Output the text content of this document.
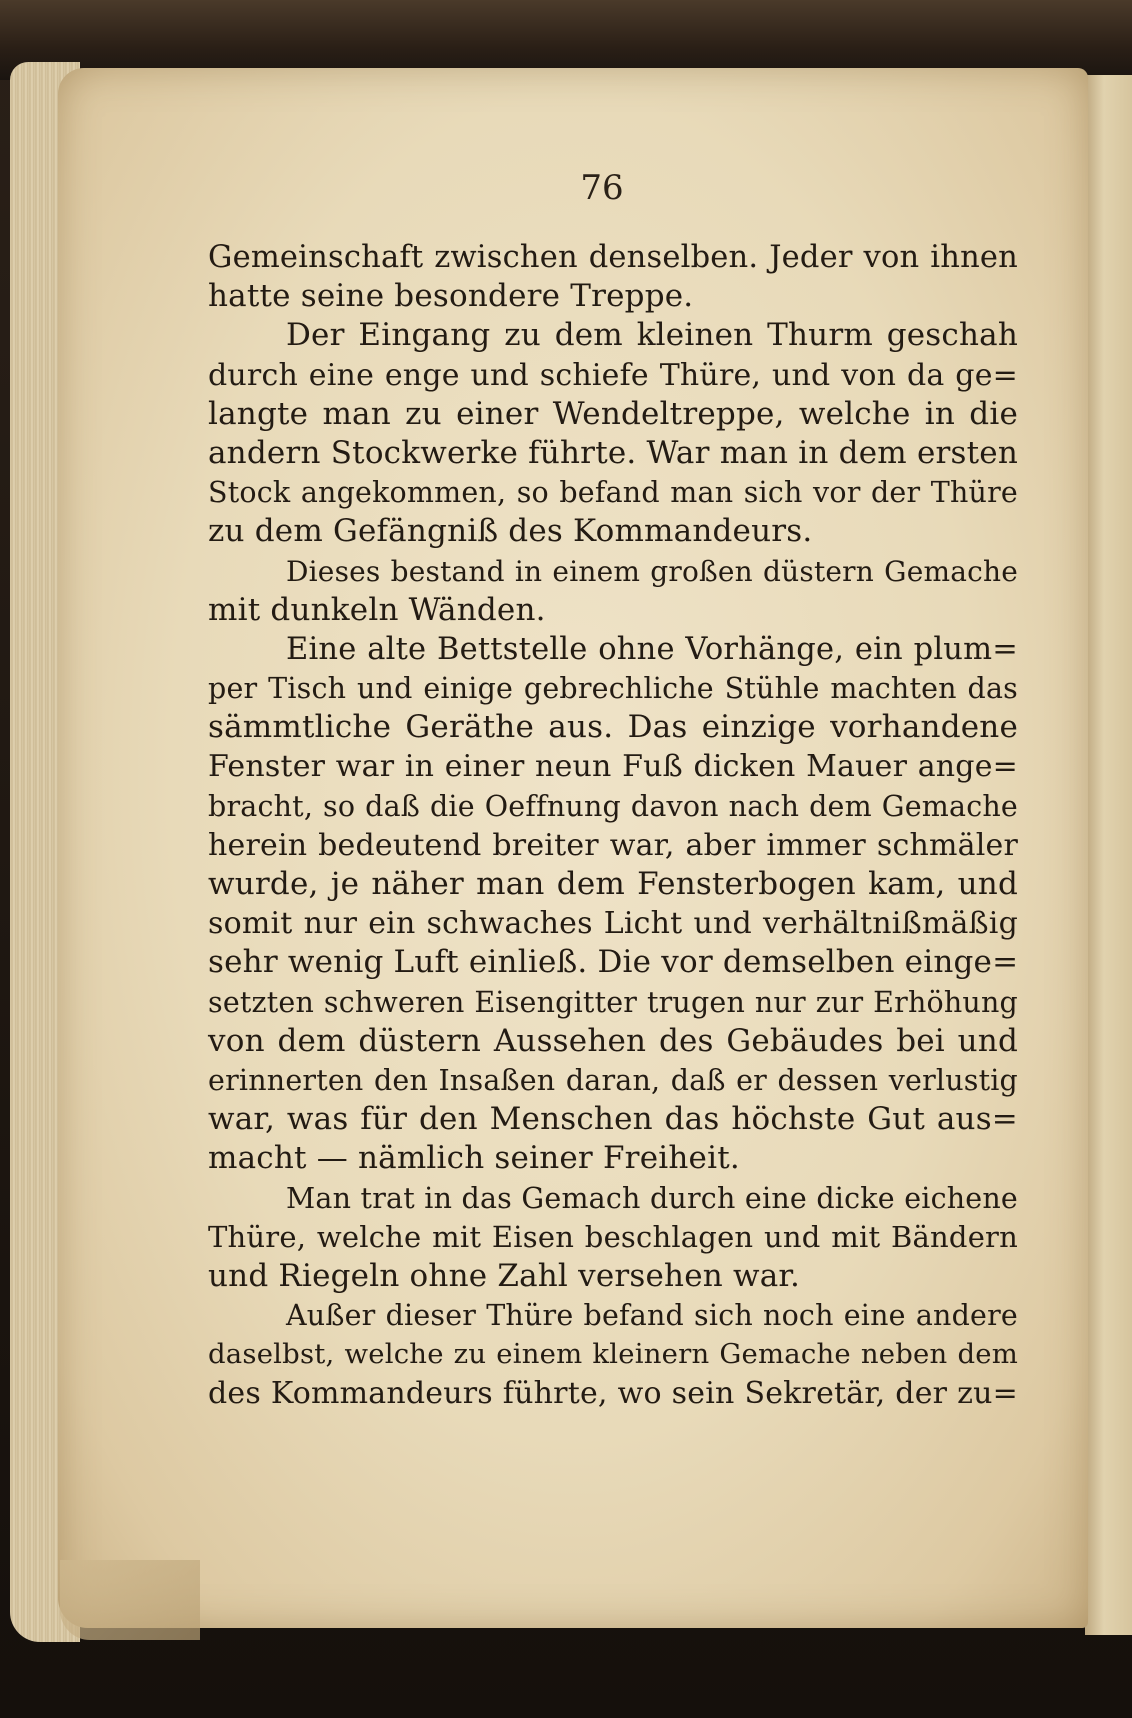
76
Gemeinschaft zwischen denselben. Jeder von ihnen
hatte seine besondere Treppe.
Der Eingang zu dem kleinen Thurm geschah
durch eine enge und schiefe Thüre, und von da ge=
langte man zu einer Wendeltreppe, welche in die
andern Stockwerke führte. War man in dem ersten
Stock angekommen, so befand man sich vor der Thüre
zu dem Gefängniß des Kommandeurs.
Dieses bestand in einem großen düstern Gemache
mit dunkeln Wänden.
Eine alte Bettstelle ohne Vorhänge, ein plum=
per Tisch und einige gebrechliche Stühle machten das
sämmtliche Geräthe aus. Das einzige vorhandene
Fenster war in einer neun Fuß dicken Mauer ange=
bracht, so daß die Oeffnung davon nach dem Gemache
herein bedeutend breiter war, aber immer schmäler
wurde, je näher man dem Fensterbogen kam, und
somit nur ein schwaches Licht und verhältnißmäßig
sehr wenig Luft einließ. Die vor demselben einge=
setzten schweren Eisengitter trugen nur zur Erhöhung
von dem düstern Aussehen des Gebäudes bei und
erinnerten den Insaßen daran, daß er dessen verlustig
war, was für den Menschen das höchste Gut aus=
macht — nämlich seiner Freiheit.
Man trat in das Gemach durch eine dicke eichene
Thüre, welche mit Eisen beschlagen und mit Bändern
und Riegeln ohne Zahl versehen war.
Außer dieser Thüre befand sich noch eine andere
daselbst, welche zu einem kleinern Gemache neben dem
des Kommandeurs führte, wo sein Sekretär, der zu=
